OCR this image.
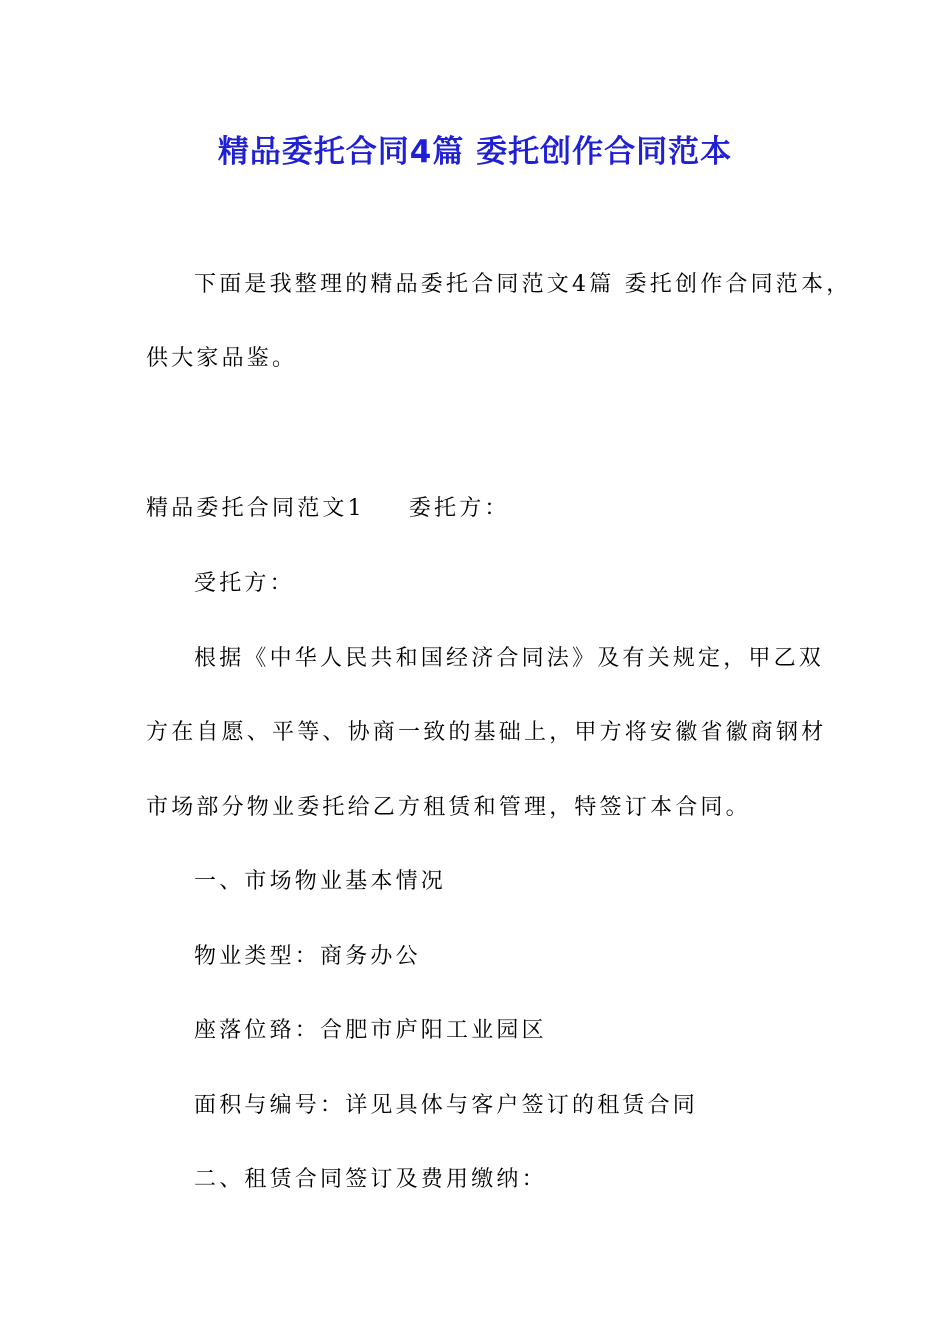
精品委托合同4篇 委托创作合同范本
下面是我整理的精品委托合同范文4篇 委托创作合同范本，
供大家品鉴。
精品委托合同范文1 委托方：
受托方：
根据《中华人民共和国经济合同法》及有关规定，甲乙双
方在自愿、平等、协商一致的基础上，甲方将安徽省徽商钢材
市场部分物业委托给乙方租赁和管理，特签订本合同。
一、市场物业基本情况
物业类型：商务办公
座落位臵：合肥市庐阳工业园区
面积与编号：详见具体与客户签订的租赁合同
二、租赁合同签订及费用缴纳：
